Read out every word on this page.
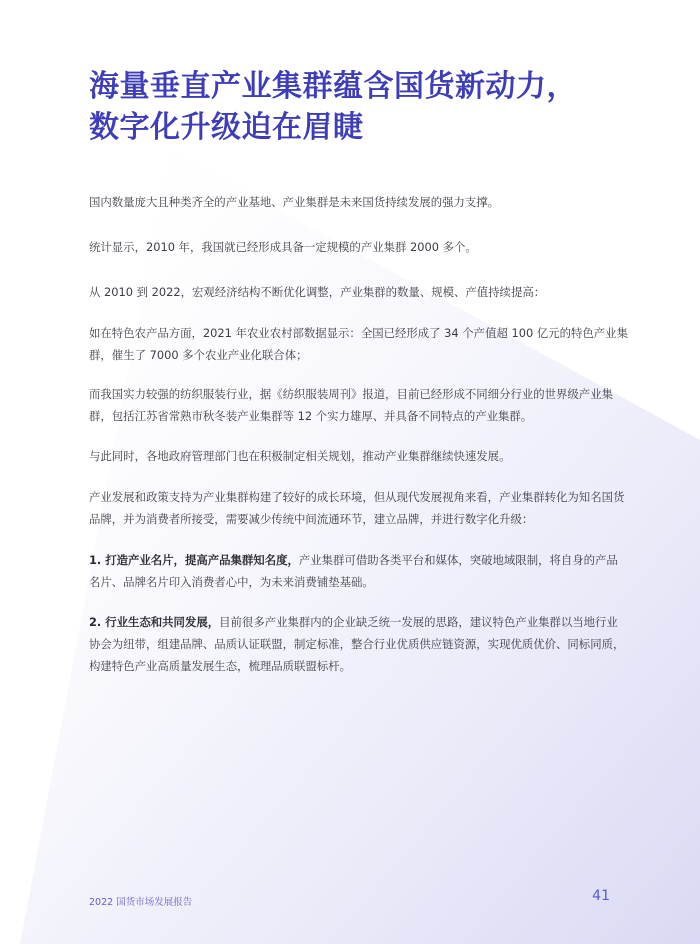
海量垂直产业集群蕴含国货新动力，
数字化升级迫在眉睫

国内数量庞大且种类齐全的产业基地、产业集群是未来国货持续发展的强力支撑。

统计显示，2010 年，我国就已经形成具备一定规模的产业集群 2000 多个。

从 2010 到 2022，宏观经济结构不断优化调整，产业集群的数量、规模、产值持续提高：

如在特色农产品方面，2021 年农业农村部数据显示：全国已经形成了 34 个产值超 100 亿元的特色产业集群，催生了 7000 多个农业产业化联合体；

而我国实力较强的纺织服装行业，据《纺织服装周刊》报道，目前已经形成不同细分行业的世界级产业集群，包括江苏省常熟市秋冬装产业集群等 12 个实力雄厚、并具备不同特点的产业集群。

与此同时，各地政府管理部门也在积极制定相关规划，推动产业集群继续快速发展。

产业发展和政策支持为产业集群构建了较好的成长环境，但从现代发展视角来看，产业集群转化为知名国货品牌，并为消费者所接受，需要减少传统中间流通环节，建立品牌，并进行数字化升级：

1. 打造产业名片，提高产品集群知名度，产业集群可借助各类平台和媒体，突破地域限制，将自身的产品名片、品牌名片印入消费者心中，为未来消费铺垫基础。

2. 行业生态和共同发展，目前很多产业集群内的企业缺乏统一发展的思路，建议特色产业集群以当地行业协会为纽带，组建品牌、品质认证联盟，制定标准，整合行业优质供应链资源，实现优质优价、同标同质，构建特色产业高质量发展生态，梳理品质联盟标杆。

2022 国货市场发展报告	41
